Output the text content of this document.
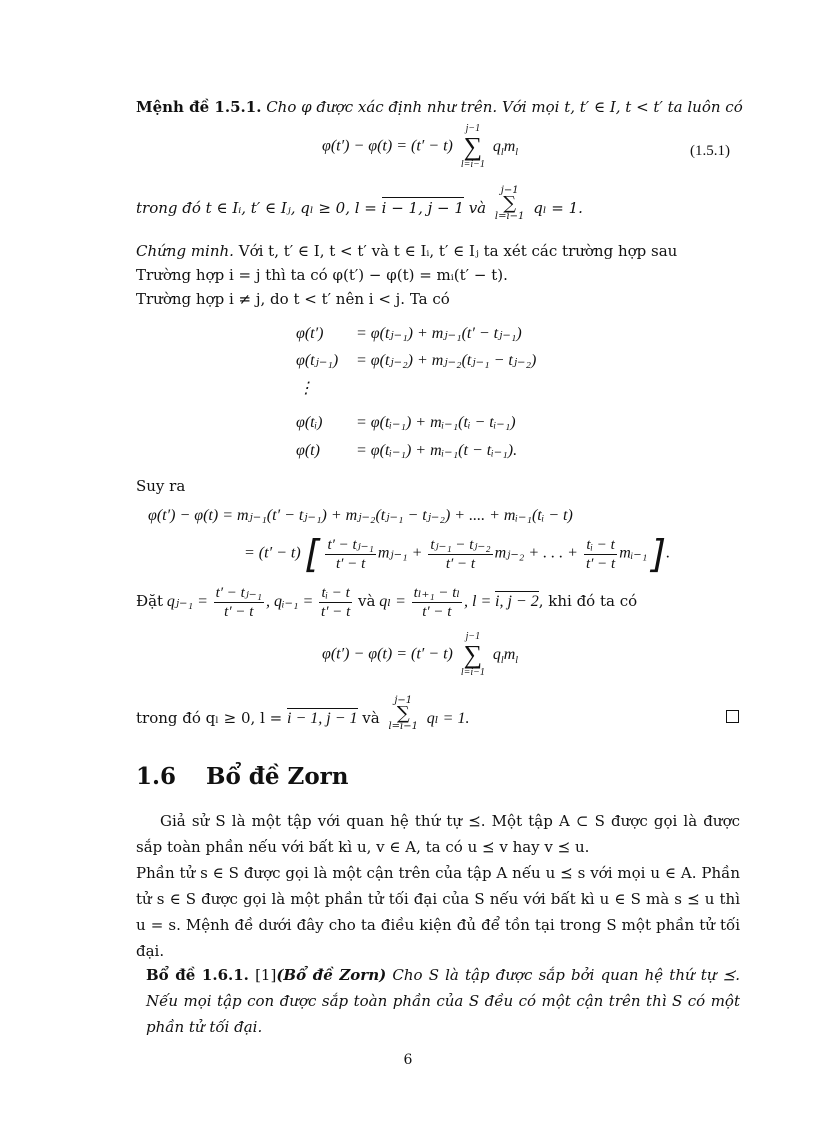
Mệnh đề 1.5.1. Cho φ được xác định như trên. Với mọi t, t′ ∈ I, t < t′ ta luôn có
φ(t′) − φ(t) = (t′ − t)
j−1
∑
l=i−1
$q_lm_l$	(1.5.1)
trong đó t ∈ Iᵢ, t′ ∈ Iⱼ, qₗ ≥ 0, l = i − 1, j − 1 và
j−1
∑
l=i−1 qₗ = 1.
Chứng minh. Với t, t′ ∈ I, t < t′ và t ∈ Iᵢ, t′ ∈ Iⱼ ta xét các trường hợp sau
Trường hợp i = j thì ta có φ(t′) − φ(t) = mᵢ(t′ − t).
Trường hợp i ≠ j, do t < t′ nên i < j. Ta có
φ(t′) = φ(tⱼ₋₁) + mⱼ₋₁(t′ − tⱼ₋₁)
φ(tⱼ₋₁) = φ(tⱼ₋₂) + mⱼ₋₂(tⱼ₋₁ − tⱼ₋₂)
⋮
φ(tᵢ) = φ(tᵢ₋₁) + mᵢ₋₁(tᵢ − tᵢ₋₁)
φ(t) = φ(tᵢ₋₁) + mᵢ₋₁(t − tᵢ₋₁).
Suy ra
φ(t′) − φ(t) = mⱼ₋₁(t′ − tⱼ₋₁) + mⱼ₋₂(tⱼ₋₁ − tⱼ₋₂) + .... + mᵢ₋₁(tᵢ − t)
= (t′ − t) [ $\frac{\text{t′ − tⱼ₋₁}}{t' - t}$ mⱼ₋₁ + $\frac{\text{tⱼ₋₁ − tⱼ₋₂}}{t' - t}$ mⱼ₋₂ + . . . + $\frac{\text{tᵢ − t}}{t' - t}$ mᵢ₋₁ ].
Đặt qⱼ₋₁ = $\frac{\text{t′ − tⱼ₋₁}}{t' - t}$ , qᵢ₋₁ = $\frac{\text{tᵢ − t}}{t' - t}$ và $q_l = \frac{\text{tₗ₊₁ − tₗ}}{t' - t}$ , l = i, j − 2, khi đó ta có
φ(t′) − φ(t) = (t′ − t)
j−1
∑
l=i−1
$q_lm_l$
trong đó qₗ ≥ 0, l = i − 1, j − 1 và
j−1
∑
l=i−1 qₗ = 1.
1.6 Bổ đề Zorn
Giả sử S là một tập với quan hệ thứ tự ⪯. Một tập A ⊂ S được gọi là được sắp toàn phần nếu với bất kì u, v ∈ A, ta có u ⪯ v hay v ⪯ u.
Phần tử s ∈ S được gọi là một cận trên của tập A nếu u ⪯ s với mọi u ∈ A. Phần tử s ∈ S được gọi là một phần tử tối đại của S nếu với bất kì u ∈ S mà s ⪯ u thì u = s. Mệnh đề dưới đây cho ta điều kiện đủ để tồn tại trong S một phần tử tối đại.
Bổ đề 1.6.1. [1](Bổ đề Zorn) Cho S là tập được sắp bởi quan hệ thứ tự ⪯. Nếu mọi tập con được sắp toàn phần của S đều có một cận trên thì S có một phần tử tối đại.
6
